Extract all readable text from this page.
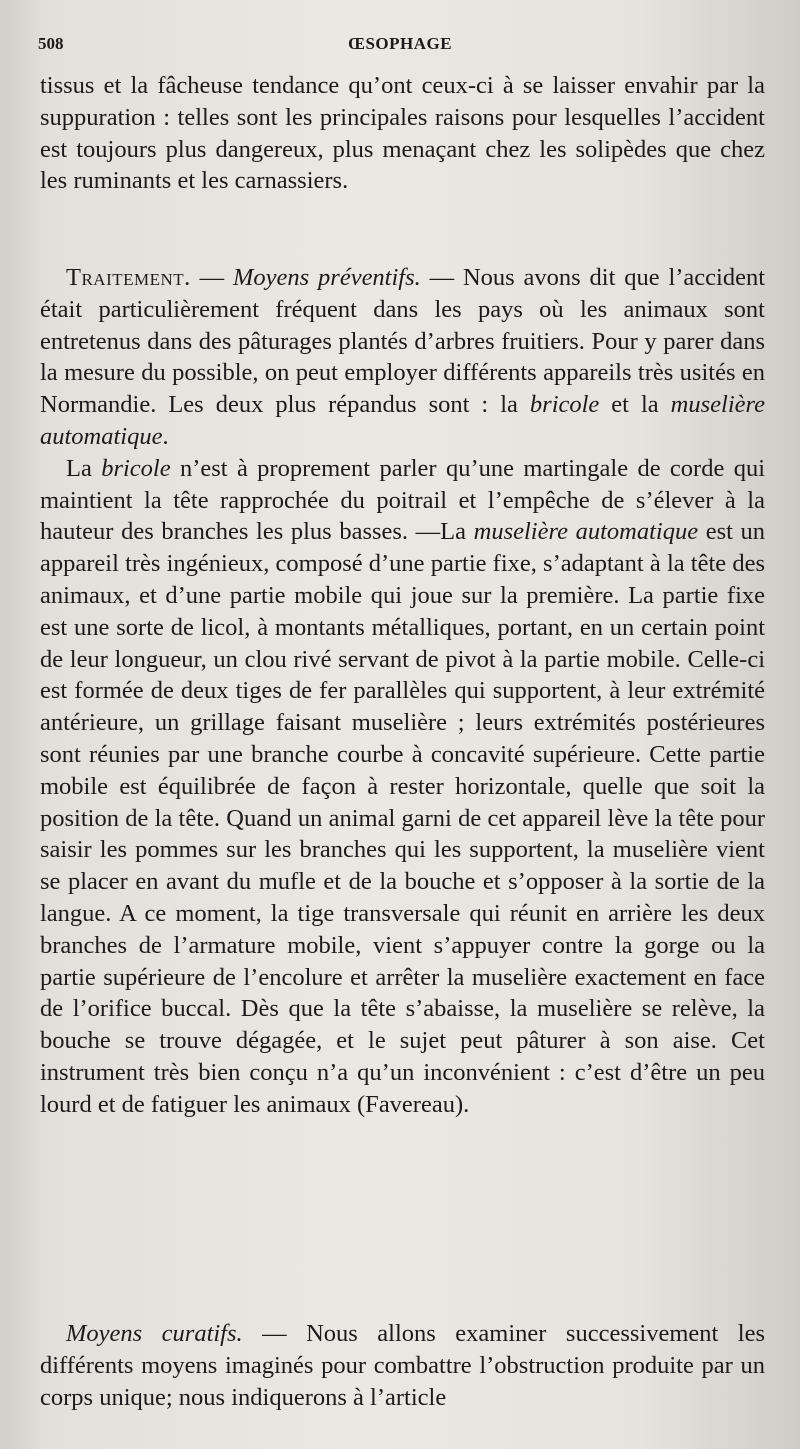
508	ŒSOPHAGE

tissus et la fâcheuse tendance qu’ont ceux-ci à se laisser envahir par la suppuration : telles sont les principales raisons pour lesquelles l’accident est toujours plus dangereux, plus menaçant chez les solipèdes que chez les ruminants et les carnassiers.

Traitement. — Moyens préventifs. — Nous avons dit que l’accident était particulièrement fréquent dans les pays où les animaux sont entretenus dans des pâturages plantés d’arbres fruitiers. Pour y parer dans la mesure du possible, on peut employer différents appareils très usités en Normandie. Les deux plus répandus sont : la bricole et la muselière automatique.

La bricole n’est à proprement parler qu’une martingale de corde qui maintient la tête rapprochée du poitrail et l’empêche de s’élever à la hauteur des branches les plus basses. —La muselière automatique est un appareil très ingénieux, composé d’une partie fixe, s’adaptant à la tête des animaux, et d’une partie mobile qui joue sur la première. La partie fixe est une sorte de licol, à montants métalliques, portant, en un certain point de leur longueur, un clou rivé servant de pivot à la partie mobile. Celle-ci est formée de deux tiges de fer parallèles qui supportent, à leur extrémité antérieure, un grillage faisant muselière ; leurs extrémités postérieures sont réunies par une branche courbe à concavité supérieure. Cette partie mobile est équilibrée de façon à rester horizontale, quelle que soit la position de la tête. Quand un animal garni de cet appareil lève la tête pour saisir les pommes sur les branches qui les supportent, la muselière vient se placer en avant du mufle et de la bouche et s’opposer à la sortie de la langue. A ce moment, la tige transversale qui réunit en arrière les deux branches de l’armature mobile, vient s’appuyer contre la gorge ou la partie supérieure de l’encolure et arrêter la muselière exactement en face de l’orifice buccal. Dès que la tête s’abaisse, la muselière se relève, la bouche se trouve dégagée, et le sujet peut pâturer à son aise. Cet instrument très bien conçu n’a qu’un inconvénient : c’est d’être un peu lourd et de fatiguer les animaux (Favereau).

Moyens curatifs. — Nous allons examiner successivement les différents moyens imaginés pour combattre l’obstruction produite par un corps unique; nous indiquerons à l’article
